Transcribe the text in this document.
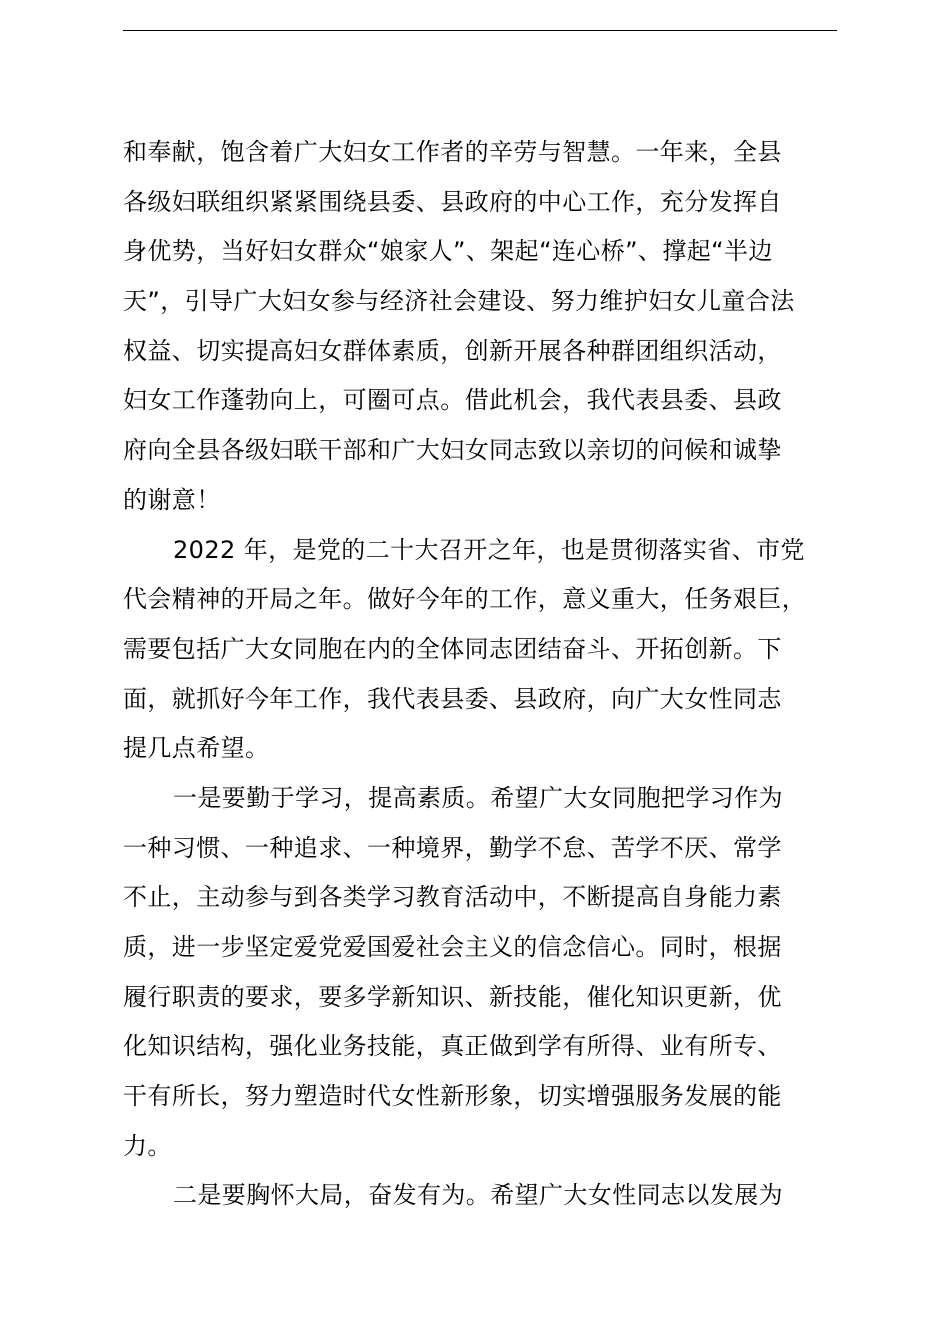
和奉献，饱含着广大妇女工作者的辛劳与智慧。一年来，全县
各级妇联组织紧紧围绕县委、县政府的中心工作，充分发挥自
身优势，当好妇女群众“娘家人”、架起“连心桥”、撑起“半边
天”，引导广大妇女参与经济社会建设、努力维护妇女儿童合法
权益、切实提高妇女群体素质，创新开展各种群团组织活动，
妇女工作蓬勃向上，可圈可点。借此机会，我代表县委、县政
府向全县各级妇联干部和广大妇女同志致以亲切的问候和诚挚
的谢意！
2022 年，是党的二十大召开之年，也是贯彻落实省、市党
代会精神的开局之年。做好今年的工作，意义重大，任务艰巨，
需要包括广大女同胞在内的全体同志团结奋斗、开拓创新。下
面，就抓好今年工作，我代表县委、县政府，向广大女性同志
提几点希望。
一是要勤于学习，提高素质。希望广大女同胞把学习作为
一种习惯、一种追求、一种境界，勤学不怠、苦学不厌、常学
不止，主动参与到各类学习教育活动中，不断提高自身能力素
质，进一步坚定爱党爱国爱社会主义的信念信心。同时，根据
履行职责的要求，要多学新知识、新技能，催化知识更新，优
化知识结构，强化业务技能，真正做到学有所得、业有所专、
干有所长，努力塑造时代女性新形象，切实增强服务发展的能
力。
二是要胸怀大局，奋发有为。希望广大女性同志以发展为
